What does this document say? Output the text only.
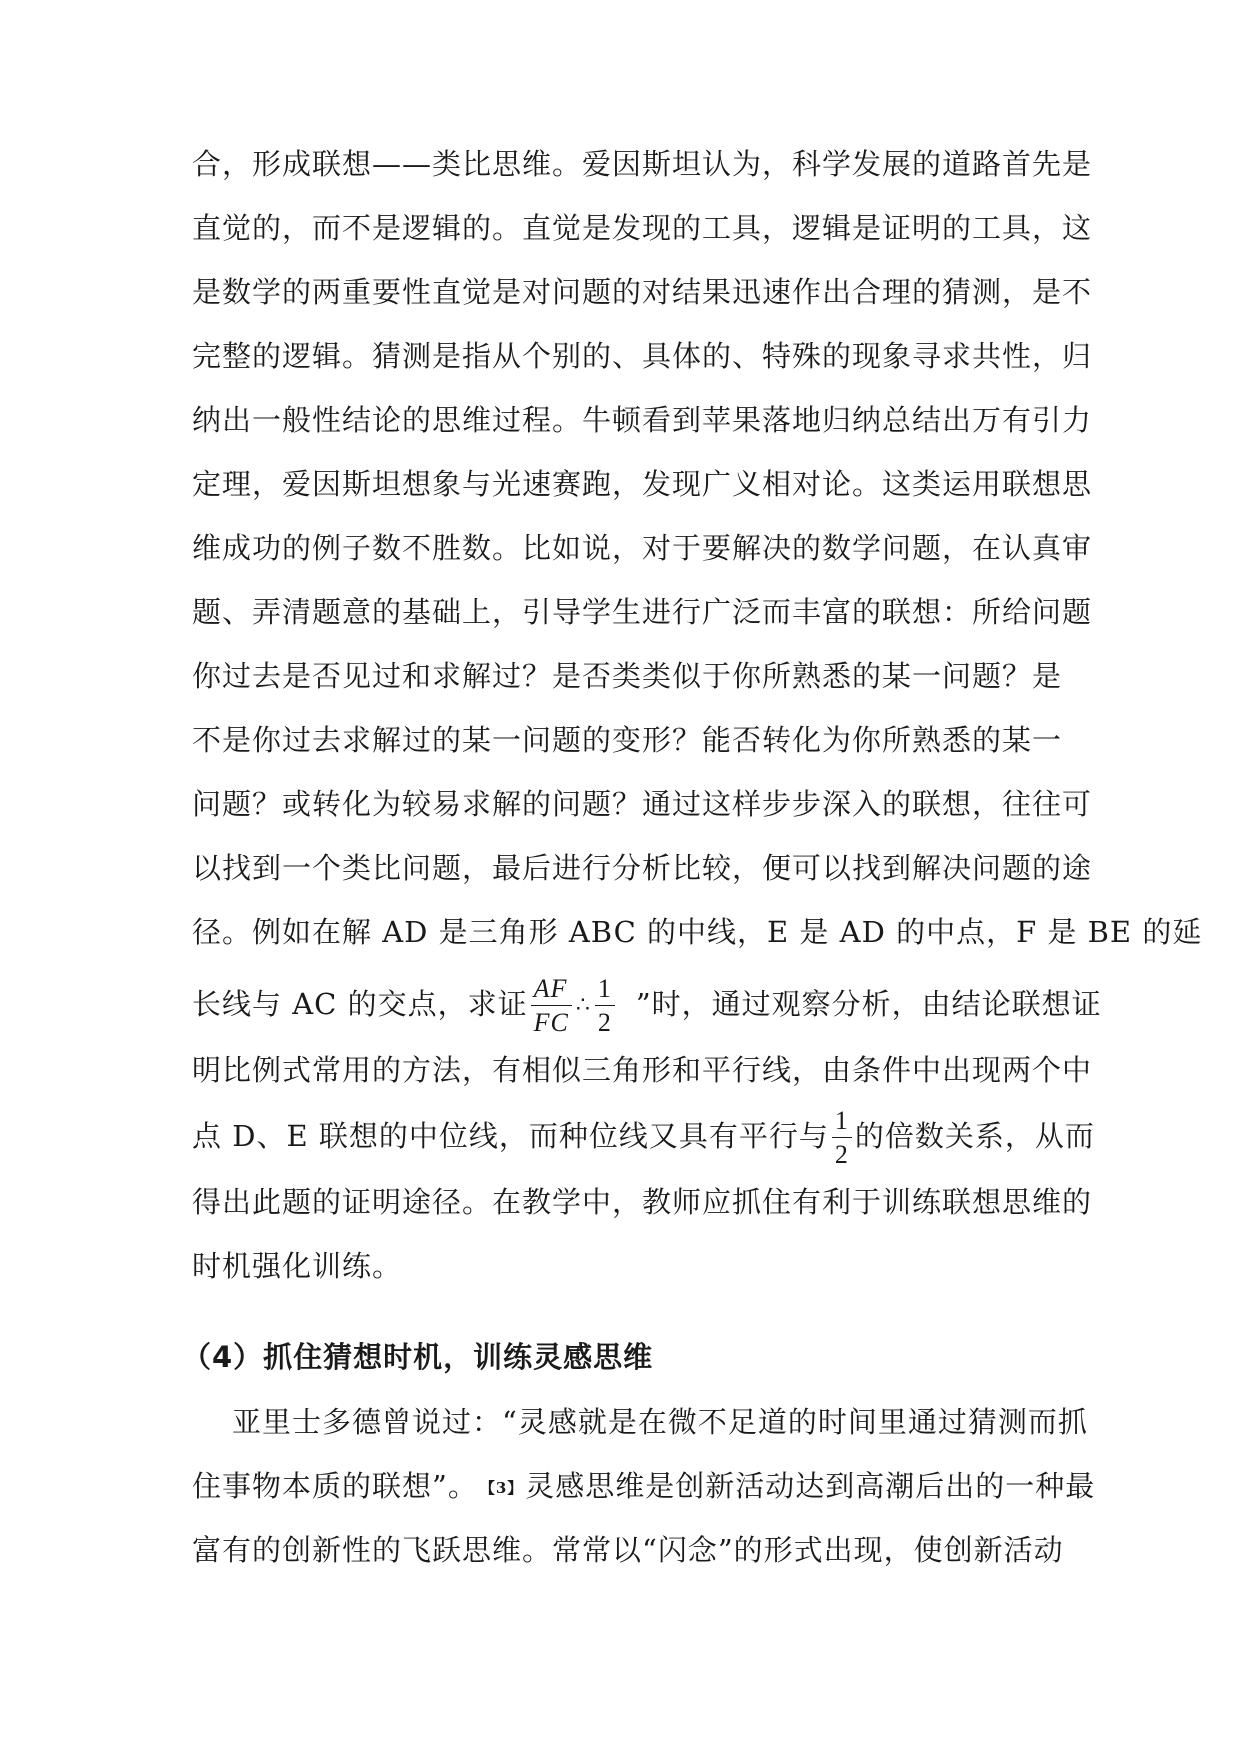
合，形成联想——类比思维。爱因斯坦认为，科学发展的道路首先是
直觉的，而不是逻辑的。直觉是发现的工具，逻辑是证明的工具，这
是数学的两重要性直觉是对问题的对结果迅速作出合理的猜测，是不
完整的逻辑。猜测是指从个别的、具体的、特殊的现象寻求共性，归
纳出一般性结论的思维过程。牛顿看到苹果落地归纳总结出万有引力
定理，爱因斯坦想象与光速赛跑，发现广义相对论。这类运用联想思
维成功的例子数不胜数。比如说，对于要解决的数学问题，在认真审
题、弄清题意的基础上，引导学生进行广泛而丰富的联想：所给问题
你过去是否见过和求解过？是否类类似于你所熟悉的某一问题？是
不是你过去求解过的某一问题的变形？能否转化为你所熟悉的某一
问题？或转化为较易求解的问题？通过这样步步深入的联想，往往可
以找到一个类比问题，最后进行分析比较，便可以找到解决问题的途
径。例如在解 AD 是三角形 ABC 的中线，E 是 AD 的中点，F 是 BE 的延
长线与 AC 的交点，求证 $\frac{AF}{FC}$ ∴ $\frac{1}{2}$ ”时，通过观察分析，由结论联想证
明比例式常用的方法，有相似三角形和平行线，由条件中出现两个中
点 D、E 联想的中位线，而种位线又具有平行与 $\frac{1}{2}$ 的倍数关系，从而
得出此题的证明途径。在教学中，教师应抓住有利于训练联想思维的
时机强化训练。
（4）抓住猜想时机，训练灵感思维
亚里士多德曾说过：“灵感就是在微不足道的时间里通过猜测而抓
住事物本质的联想”。 【3】灵感思维是创新活动达到高潮后出的一种最
富有的创新性的飞跃思维。常常以“闪念”的形式出现，使创新活动
